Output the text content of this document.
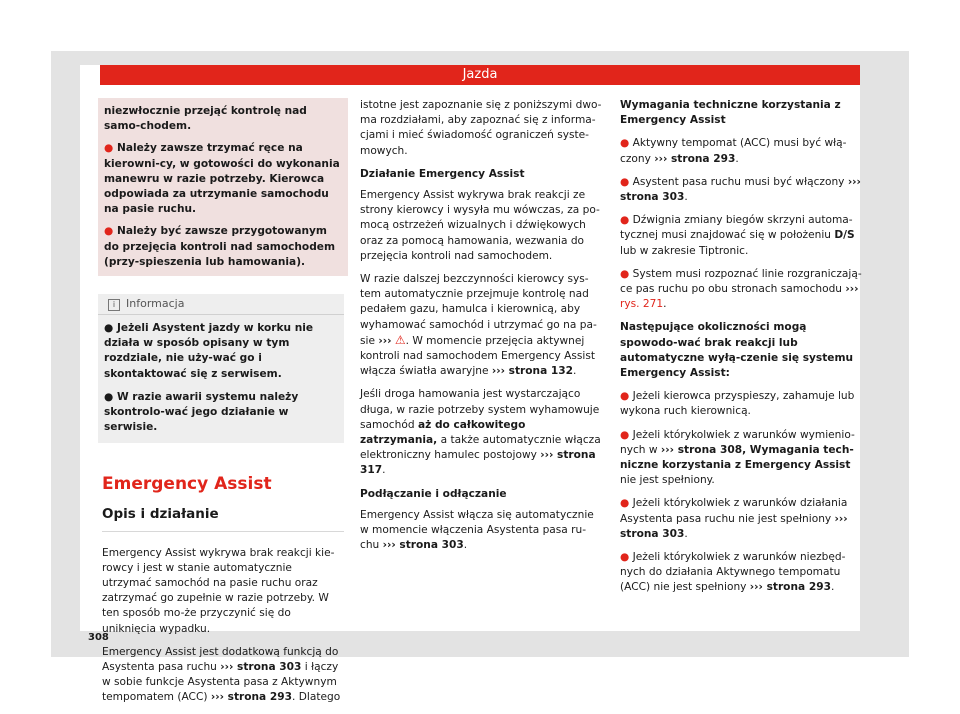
Jazda

niezwłocznie przejąć kontrolę nad samo-chodem.

● Należy zawsze trzymać ręce na kierowni-cy, w gotowości do wykonania manewru w razie potrzeby. Kierowca odpowiada za utrzymanie samochodu na pasie ruchu.

● Należy być zawsze przygotowanym do przejęcia kontroli nad samochodem (przy-spieszenia lub hamowania).

i Informacja

● Jeżeli Asystent jazdy w korku nie działa w sposób opisany w tym rozdziale, nie uży-wać go i skontaktować się z serwisem.

● W razie awarii systemu należy skontrolo-wać jego działanie w serwisie.

Emergency Assist
Opis i działanie

Emergency Assist wykrywa brak reakcji kie-rowcy i jest w stanie automatycznie utrzymać samochód na pasie ruchu oraz zatrzymać go zupełnie w razie potrzeby. W ten sposób mo-że przyczynić się do uniknięcia wypadku.

Emergency Assist jest dodatkową funkcją do Asystenta pasa ruchu ››› strona 303 i łączy w sobie funkcje Asystenta pasa z Aktywnym tempomatem (ACC) ››› strona 293. Dlatego

istotne jest zapoznanie się z poniższymi dwo-ma rozdziałami, aby zapoznać się z informa-cjami i mieć świadomość ograniczeń syste-mowych.

Działanie Emergency Assist

Emergency Assist wykrywa brak reakcji ze strony kierowcy i wysyła mu wówczas, za po-mocą ostrzeżeń wizualnych i dźwiękowych oraz za pomocą hamowania, wezwania do przejęcia kontroli nad samochodem.

W razie dalszej bezczynności kierowcy sys-tem automatycznie przejmuje kontrolę nad pedałem gazu, hamulca i kierownicą, aby wyhamować samochód i utrzymać go na pa-sie ››› ⚠. W momencie przejęcia aktywnej kontroli nad samochodem Emergency Assist włącza światła awaryjne ››› strona 132.

Jeśli droga hamowania jest wystarczająco długa, w razie potrzeby system wyhamowuje samochód aż do całkowitego zatrzymania, a także automatycznie włącza elektroniczny hamulec postojowy ››› strona 317.

Podłączanie i odłączanie

Emergency Assist włącza się automatycznie w momencie włączenia Asystenta pasa ru-chu ››› strona 303.

Wymagania techniczne korzystania z Emergency Assist

● Aktywny tempomat (ACC) musi być włą-czony ››› strona 293.

● Asystent pasa ruchu musi być włączony ››› strona 303.

● Dźwignia zmiany biegów skrzyni automa-tycznej musi znajdować się w położeniu D/S lub w zakresie Tiptronic.

● System musi rozpoznać linie rozgraniczają-ce pas ruchu po obu stronach samochodu ››› rys. 271.

Następujące okoliczności mogą spowodo-wać brak reakcji lub automatyczne wyłą-czenie się systemu Emergency Assist:

● Jeżeli kierowca przyspieszy, zahamuje lub wykona ruch kierownicą.

● Jeżeli którykolwiek z warunków wymienio-nych w ››› strona 308, Wymagania tech-niczne korzystania z Emergency Assist nie jest spełniony.

● Jeżeli którykolwiek z warunków działania Asystenta pasa ruchu nie jest spełniony ››› strona 303.

● Jeżeli którykolwiek z warunków niezbęd-nych do działania Aktywnego tempomatu (ACC) nie jest spełniony ››› strona 293.

308
